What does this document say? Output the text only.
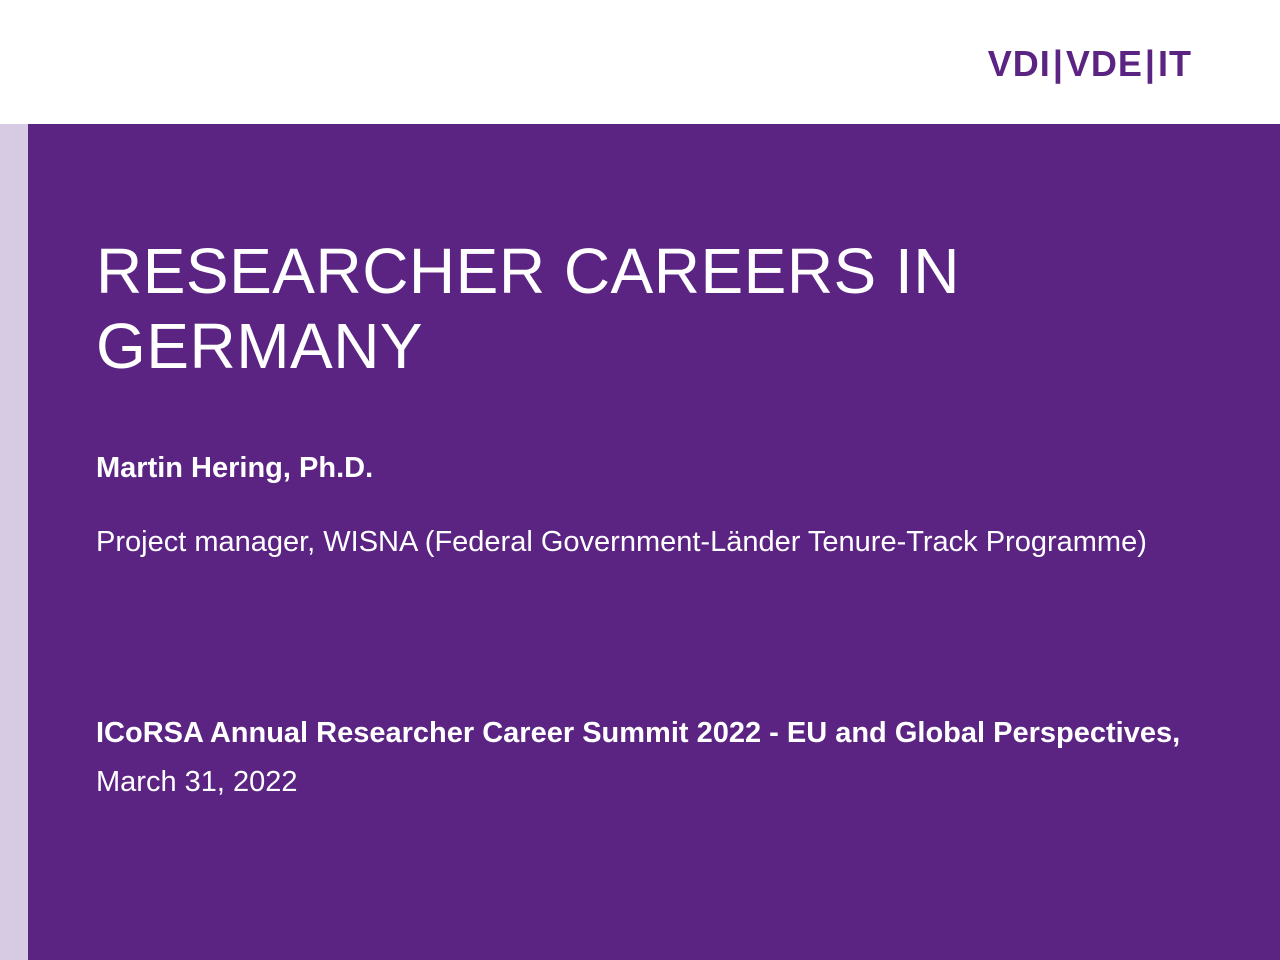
VDI|VDE|IT
RESEARCHER CAREERS IN GERMANY
Martin Hering, Ph.D.
Project manager, WISNA (Federal Government-Länder Tenure-Track Programme)
ICoRSA Annual Researcher Career Summit 2022 - EU and Global Perspectives, March 31, 2022
